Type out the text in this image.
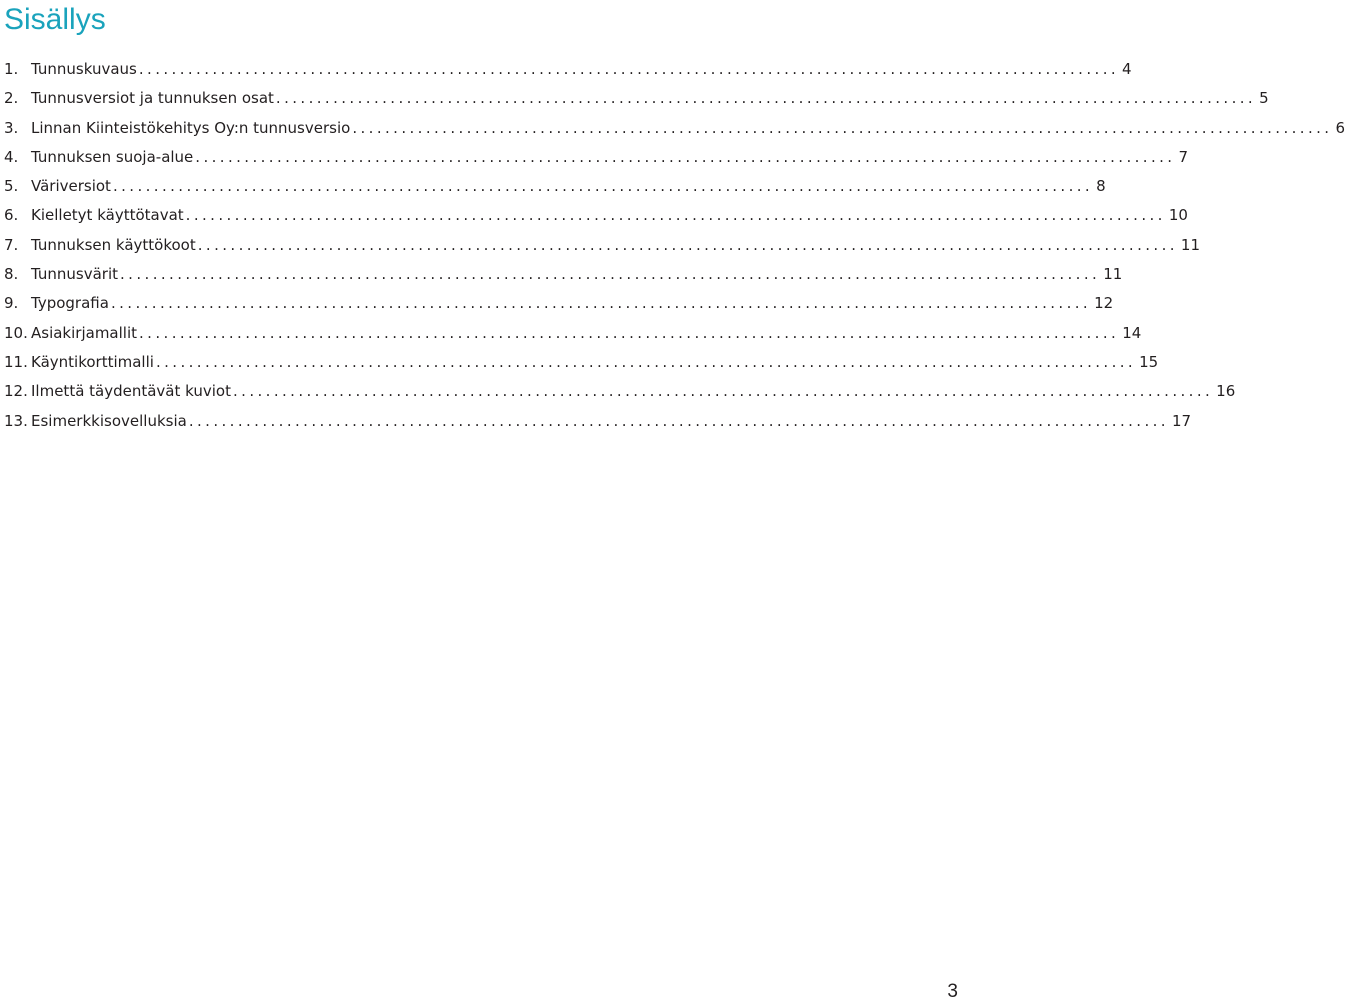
Sisällys
1. Tunnuskuvaus ........................................................................................................................ 4
2. Tunnusversiot ja tunnuksen osat ........................................................................................................................ 5
3. Linnan Kiinteistökehitys Oy:n tunnusversio ........................................................................................................................ 6
4. Tunnuksen suoja-alue ........................................................................................................................ 7
5. Väriversiot ........................................................................................................................ 8
6. Kielletyt käyttötavat ........................................................................................................................ 10
7. Tunnuksen käyttökoot ........................................................................................................................ 11
8. Tunnusvärit ........................................................................................................................ 11
9. Typografia ........................................................................................................................ 12
10. Asiakirjamallit ........................................................................................................................ 14
11. Käyntikorttimalli ........................................................................................................................ 15
12. Ilmettä täydentävät kuviot ........................................................................................................................ 16
13. Esimerkkisovelluksia ........................................................................................................................ 17
3
